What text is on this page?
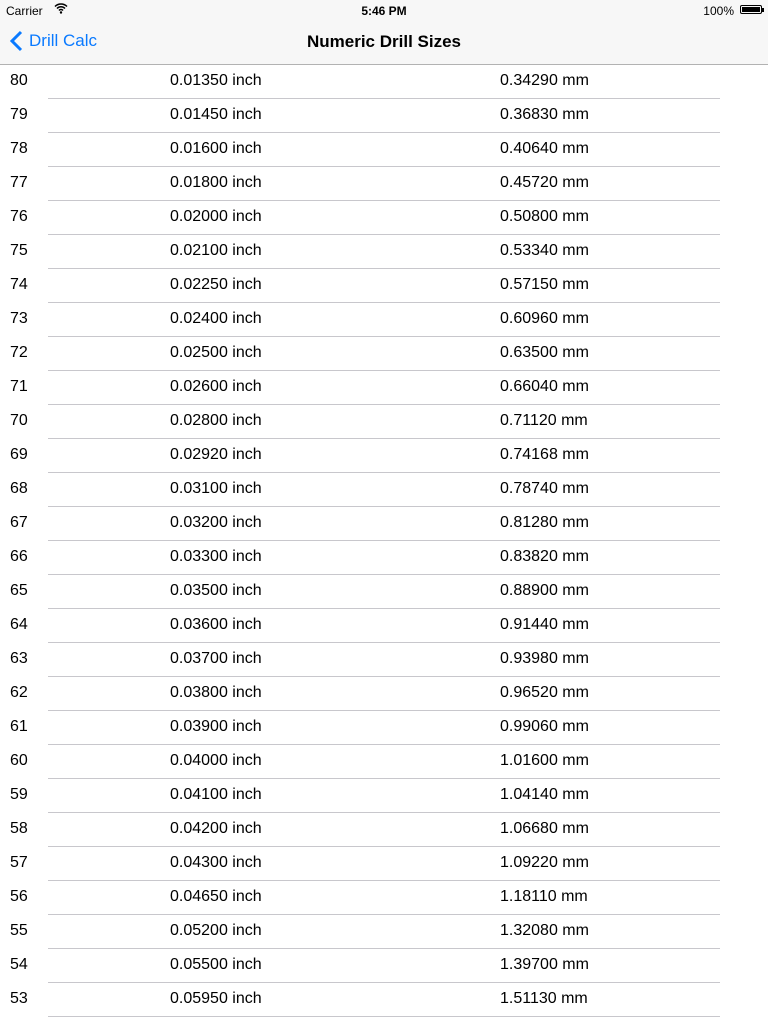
Carrier	5:46 PM	100%
Drill Calc	Numeric Drill Sizes
80	0.01350 inch	0.34290 mm
79	0.01450 inch	0.36830 mm
78	0.01600 inch	0.40640 mm
77	0.01800 inch	0.45720 mm
76	0.02000 inch	0.50800 mm
75	0.02100 inch	0.53340 mm
74	0.02250 inch	0.57150 mm
73	0.02400 inch	0.60960 mm
72	0.02500 inch	0.63500 mm
71	0.02600 inch	0.66040 mm
70	0.02800 inch	0.71120 mm
69	0.02920 inch	0.74168 mm
68	0.03100 inch	0.78740 mm
67	0.03200 inch	0.81280 mm
66	0.03300 inch	0.83820 mm
65	0.03500 inch	0.88900 mm
64	0.03600 inch	0.91440 mm
63	0.03700 inch	0.93980 mm
62	0.03800 inch	0.96520 mm
61	0.03900 inch	0.99060 mm
60	0.04000 inch	1.01600 mm
59	0.04100 inch	1.04140 mm
58	0.04200 inch	1.06680 mm
57	0.04300 inch	1.09220 mm
56	0.04650 inch	1.18110 mm
55	0.05200 inch	1.32080 mm
54	0.05500 inch	1.39700 mm
53	0.05950 inch	1.51130 mm
